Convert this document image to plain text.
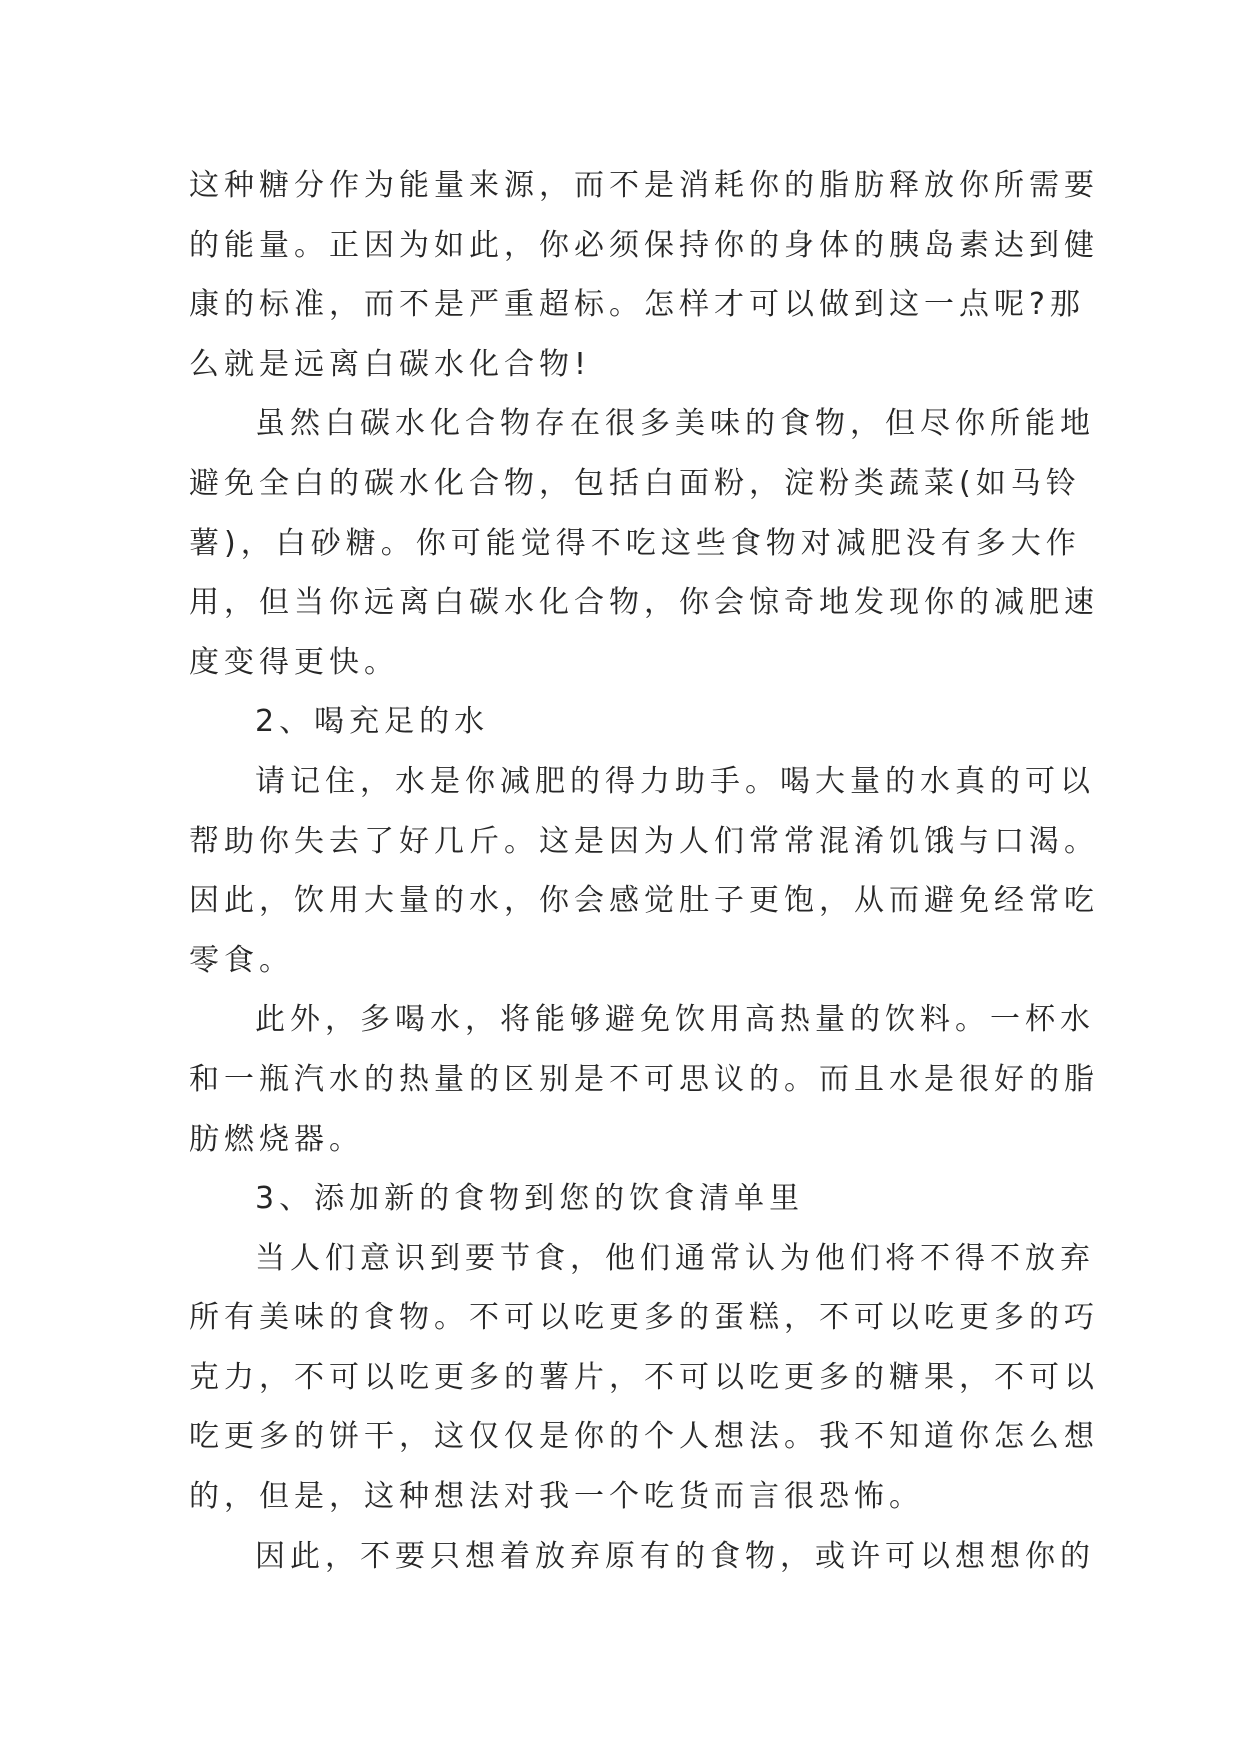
这种糖分作为能量来源，而不是消耗你的脂肪释放你所需要

的能量。正因为如此，你必须保持你的身体的胰岛素达到健

康的标准，而不是严重超标。怎样才可以做到这一点呢?那

么就是远离白碳水化合物!

虽然白碳水化合物存在很多美味的食物，但尽你所能地

避免全白的碳水化合物，包括白面粉，淀粉类蔬菜(如马铃

薯)，白砂糖。你可能觉得不吃这些食物对减肥没有多大作

用，但当你远离白碳水化合物，你会惊奇地发现你的减肥速

度变得更快。

2、喝充足的水

请记住，水是你减肥的得力助手。喝大量的水真的可以

帮助你失去了好几斤。这是因为人们常常混淆饥饿与口渴。

因此，饮用大量的水，你会感觉肚子更饱，从而避免经常吃

零食。

此外，多喝水，将能够避免饮用高热量的饮料。一杯水

和一瓶汽水的热量的区别是不可思议的。而且水是很好的脂

肪燃烧器。

3、添加新的食物到您的饮食清单里

当人们意识到要节食，他们通常认为他们将不得不放弃

所有美味的食物。不可以吃更多的蛋糕，不可以吃更多的巧

克力，不可以吃更多的薯片，不可以吃更多的糖果，不可以

吃更多的饼干，这仅仅是你的个人想法。我不知道你怎么想

的，但是，这种想法对我一个吃货而言很恐怖。

因此，不要只想着放弃原有的食物，或许可以想想你的
